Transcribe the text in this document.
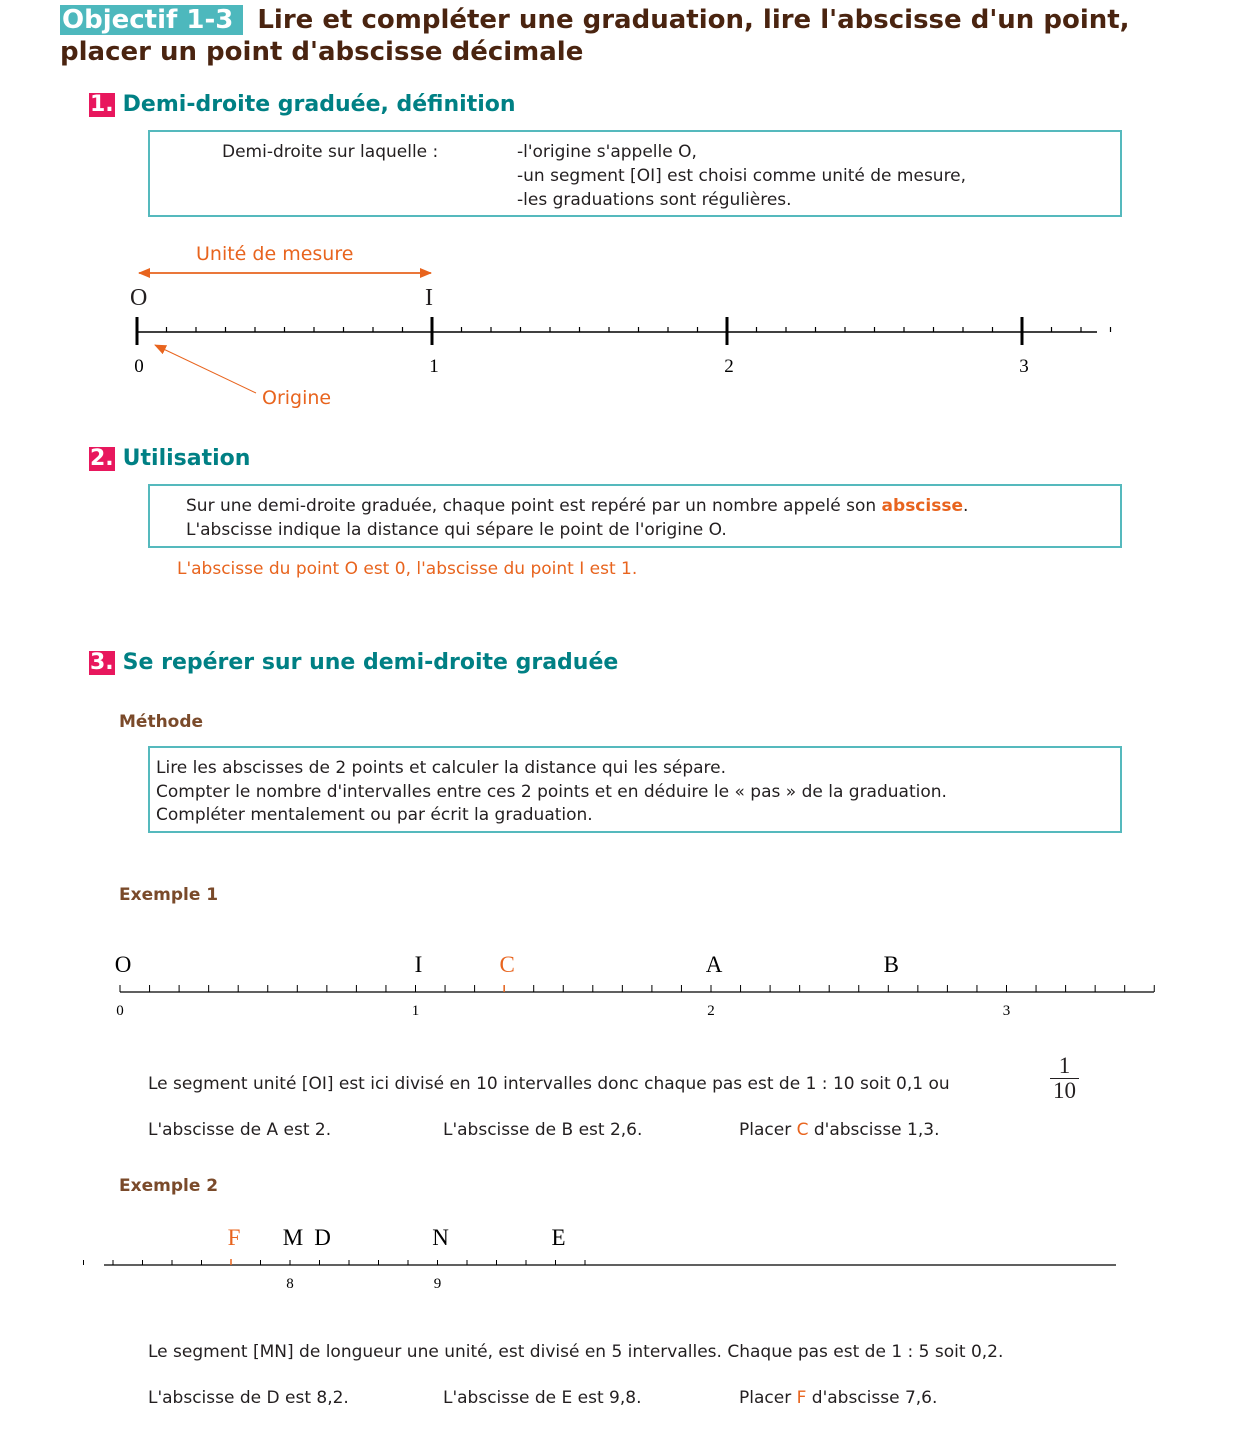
Objectif 1-3 Lire et compléter une graduation, lire l'abscisse d'un point, placer un point d'abscisse décimale
1. Demi-droite graduée, définition
Demi-droite sur laquelle :	-l'origine s'appelle O,
-un segment [OI] est choisi comme unité de mesure,
-les graduations sont régulières.
Unité de mesure
Origine
O	I
0	1	2	3
2. Utilisation
Sur une demi-droite graduée, chaque point est repéré par un nombre appelé son abscisse.
L'abscisse indique la distance qui sépare le point de l'origine O.
L'abscisse du point O est 0, l'abscisse du point I est 1.
3. Se repérer sur une demi-droite graduée
Méthode
Lire les abscisses de 2 points et calculer la distance qui les sépare.
Compter le nombre d'intervalles entre ces 2 points et en déduire le « pas » de la graduation.
Compléter mentalement ou par écrit la graduation.
Exemple 1
0	1	2	3
O	I	C	A	B
Le segment unité [OI] est ici divisé en 10 intervalles donc chaque pas est de 1 : 10 soit 0,1 ou	$\frac{1}{10}$
L'abscisse de A est 2.	L'abscisse de B est 2,6.	Placer C d'abscisse 1,3.
Exemple 2
8	9
F M D	N	E
Le segment [MN] de longueur une unité, est divisé en 5 intervalles. Chaque pas est de 1 : 5 soit 0,2.
L'abscisse de D est 8,2.	L'abscisse de E est 9,8.	Placer F d'abscisse 7,6.
